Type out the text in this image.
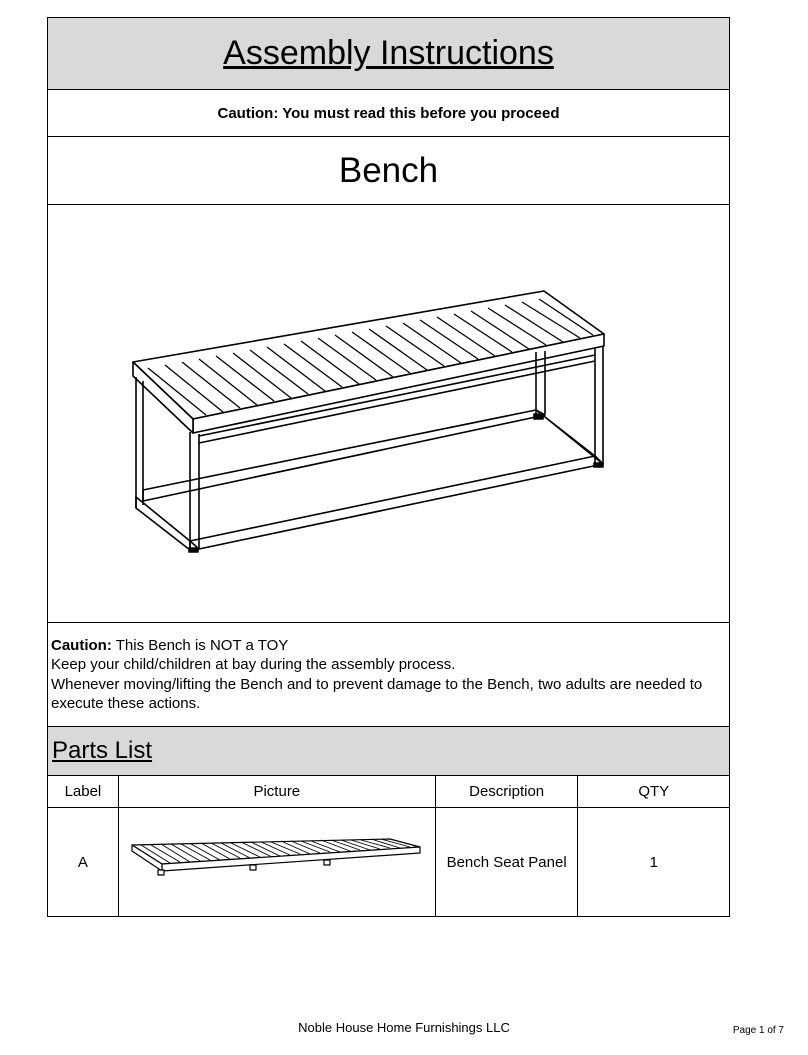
Assembly Instructions
Caution: You must read this before you proceed
Bench
Caution: This Bench is NOT a TOY
Keep your child/children at bay during the assembly process.
Whenever moving/lifting the Bench and to prevent damage to the Bench, two adults are needed to execute these actions.
Parts List
Label	Picture	Description	QTY
A		Bench Seat Panel	1
Noble House Home Furnishings LLC	Page 1 of 7
